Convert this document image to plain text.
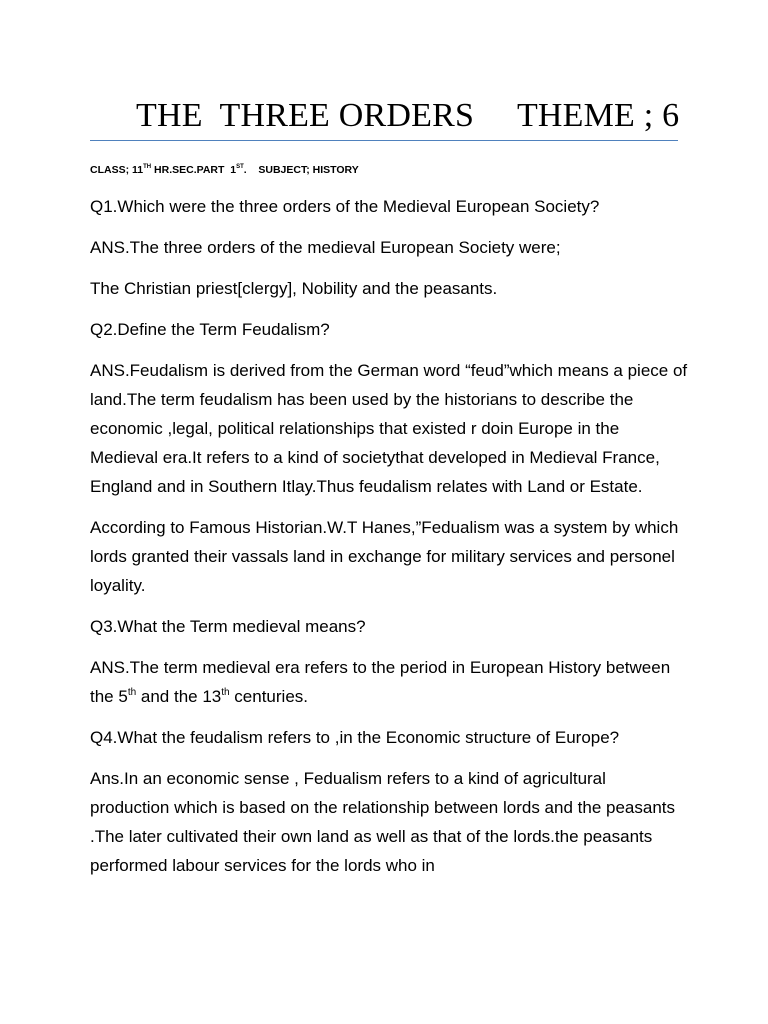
THE  THREE ORDERS     THEME ; 6
CLASS; 11TH HR.SEC.PART  1ST.    SUBJECT; HISTORY

Q1.Which were the three orders of the Medieval European Society?

ANS.The three orders of the medieval European Society were;

The Christian priest[clergy], Nobility and the peasants.

Q2.Define the Term Feudalism?

ANS.Feudalism is derived from the German word “feud”which means a piece of land.The term feudalism has been used by the historians to describe the economic ,legal, political relationships that existed r doin Europe in the Medieval era.It refers to a kind of societythat developed in Medieval France, England and in Southern Itlay.Thus feudalism relates with Land or Estate.

According to Famous Historian.W.T Hanes,”Fedualism was a system by which lords granted their vassals land in exchange for military services and personel loyality.

Q3.What the Term medieval means?

ANS.The term medieval era refers to the period in European History between the 5th and the 13th centuries.

Q4.What the feudalism refers to ,in the Economic structure of Europe?

Ans.In an economic sense , Fedualism refers to a kind of agricultural production which is based on the relationship between lords and the peasants .The later cultivated their own land as well as that of the lords.the peasants performed labour services for the lords who in
